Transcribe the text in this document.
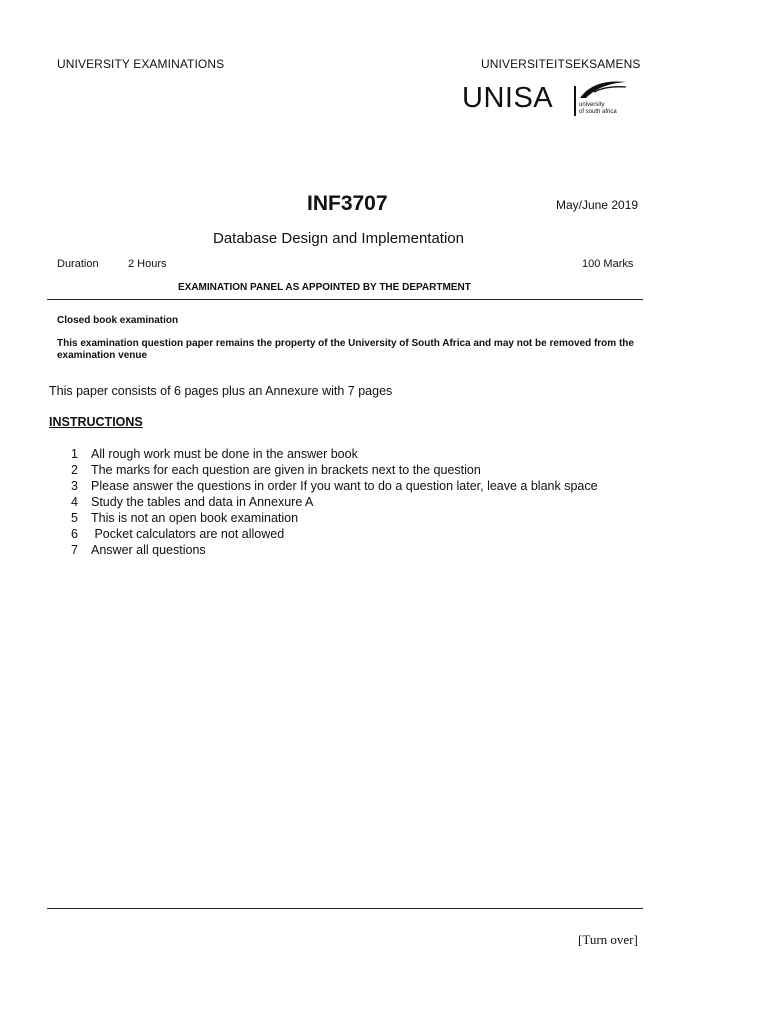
UNIVERSITY EXAMINATIONS	UNIVERSITEITSEKSAMENS
UNISA	university
of south africa
INF3707	May/June 2019
Database Design and Implementation
Duration	2 Hours	100 Marks
EXAMINATION PANEL AS APPOINTED BY THE DEPARTMENT
Closed book examination
This examination question paper remains the property of the University of South Africa and may not be removed from the examination venue
This paper consists of 6 pages plus an Annexure with 7 pages
INSTRUCTIONS
1 All rough work must be done in the answer book
2 The marks for each question are given in brackets next to the question
3 Please answer the questions in order If you want to do a question later, leave a blank space
4 Study the tables and data in Annexure A
5 This is not an open book examination
6 Pocket calculators are not allowed
7 Answer all questions
[Turn over]
